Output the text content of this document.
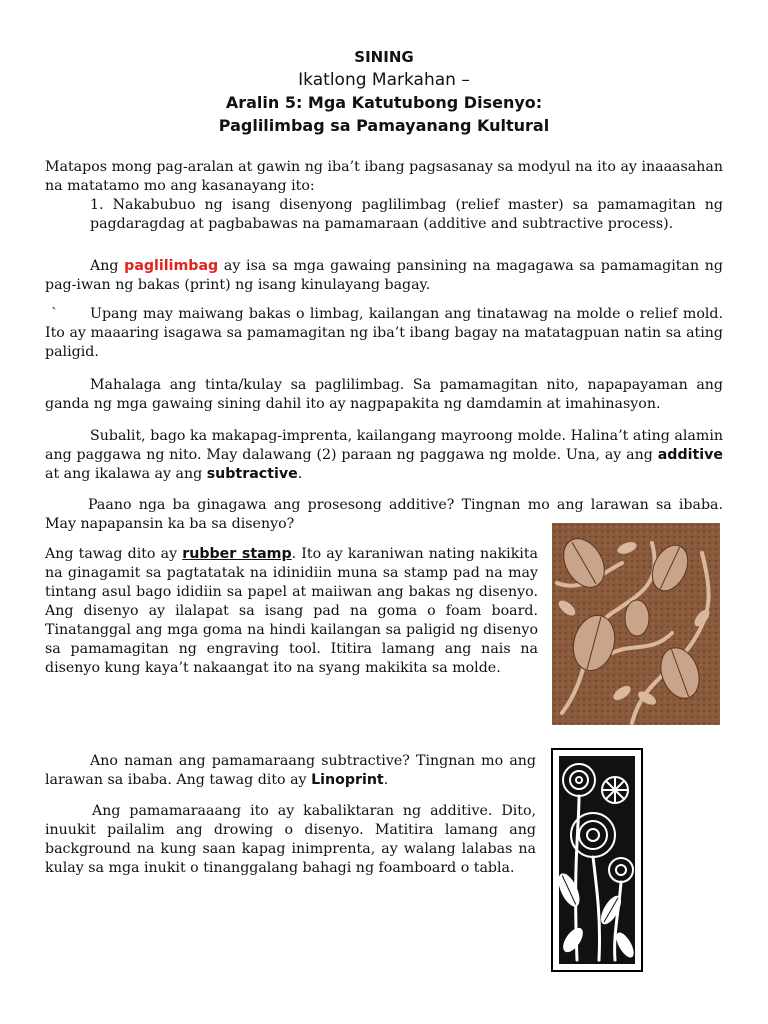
SINING
Ikatlong Markahan –
Aralin 5: Mga Katutubong Disenyo:
Paglilimbag sa Pamayanang Kultural
Matapos mong pag-aralan at gawin ng iba’t ibang pagsasanay sa modyul na ito ay inaaasahan na matatamo mo ang kasanayang ito:
1. Nakabubuo ng isang disenyong paglilimbag (relief master) sa pamamagitan ng pagdaragdag at pagbabawas na pamamaraan (additive and subtractive process).
Ang paglilimbag ay isa sa mga gawaing pansining na magagawa sa pamamagitan ng pag-iwan ng bakas (print) ng isang kinulayang bagay.
` Upang may maiwang bakas o limbag, kailangan ang tinatawag na molde o relief mold. Ito ay maaaring isagawa sa pamamagitan ng iba’t ibang bagay na matatagpuan natin sa ating paligid.
Mahalaga ang tinta/kulay sa paglilimbag. Sa pamamagitan nito, napapayaman ang ganda ng mga gawaing sining dahil ito ay nagpapakita ng damdamin at imahinasyon.
Subalit, bago ka makapag-imprenta, kailangang mayroong molde. Halina’t ating alamin ang paggawa ng nito. May dalawang (2) paraan ng paggawa ng molde. Una, ay ang additive at ang ikalawa ay ang subtractive.
Paano nga ba ginagawa ang prosesong additive? Tingnan mo ang larawan sa ibaba. May napapansin ka ba sa disenyo?
Ang tawag dito ay rubber stamp. Ito ay karaniwan nating nakikita na ginagamit sa pagtatatak na idinidiin muna sa stamp pad na may tintang asul bago ididiin sa papel at maiiwan ang bakas ng disenyo. Ang disenyo ay ilalapat sa isang pad na goma o foam board. Tinatanggal ang mga goma na hindi kailangan sa paligid ng disenyo sa pamamagitan ng engraving tool. Ititira lamang ang nais na disenyo kung kaya’t nakaangat ito na syang makikita sa molde.
Ano naman ang pamamaraang subtractive? Tingnan mo ang larawan sa ibaba. Ang tawag dito ay Linoprint.
Ang pamamaraaang ito ay kabaliktaran ng additive. Dito, inuukit pailalim ang drowing o disenyo. Matitira lamang ang background na kung saan kapag inimprenta, ay walang lalabas na kulay sa mga inukit o tinanggalang bahagi ng foamboard o tabla.
